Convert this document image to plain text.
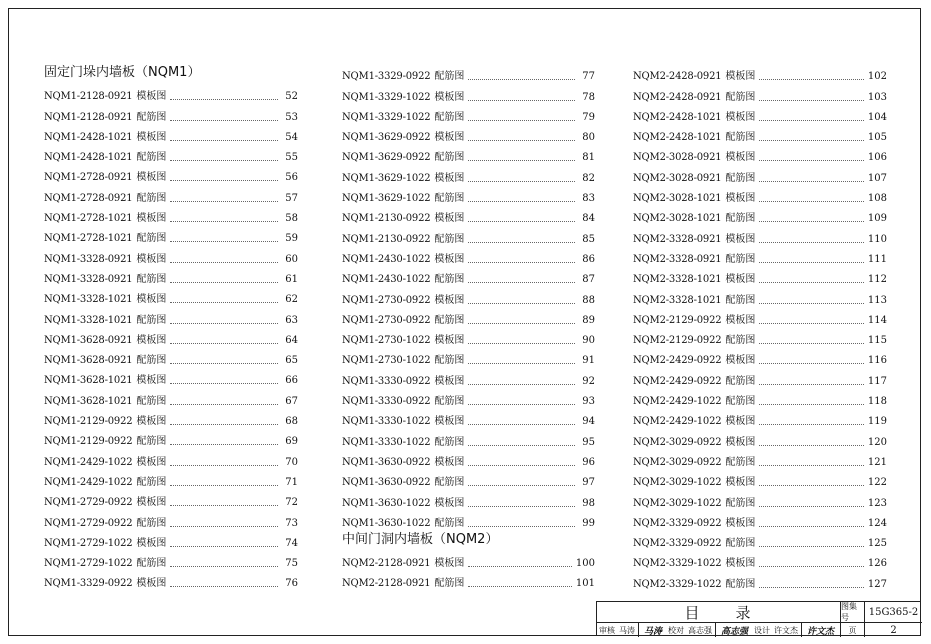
固定门垛内墙板（NQM1）
NQM1-2128-0921 模板图	52
NQM1-2128-0921 配筋图	53
NQM1-2428-1021 模板图	54
NQM1-2428-1021 配筋图	55
NQM1-2728-0921 模板图	56
NQM1-2728-0921 配筋图	57
NQM1-2728-1021 模板图	58
NQM1-2728-1021 配筋图	59
NQM1-3328-0921 模板图	60
NQM1-3328-0921 配筋图	61
NQM1-3328-1021 模板图	62
NQM1-3328-1021 配筋图	63
NQM1-3628-0921 模板图	64
NQM1-3628-0921 配筋图	65
NQM1-3628-1021 模板图	66
NQM1-3628-1021 配筋图	67
NQM1-2129-0922 模板图	68
NQM1-2129-0922 配筋图	69
NQM1-2429-1022 模板图	70
NQM1-2429-1022 配筋图	71
NQM1-2729-0922 模板图	72
NQM1-2729-0922 配筋图	73
NQM1-2729-1022 模板图	74
NQM1-2729-1022 配筋图	75
NQM1-3329-0922 模板图	76
NQM1-3329-0922 配筋图	77
NQM1-3329-1022 模板图	78
NQM1-3329-1022 配筋图	79
NQM1-3629-0922 模板图	80
NQM1-3629-0922 配筋图	81
NQM1-3629-1022 模板图	82
NQM1-3629-1022 配筋图	83
NQM1-2130-0922 模板图	84
NQM1-2130-0922 配筋图	85
NQM1-2430-1022 模板图	86
NQM1-2430-1022 配筋图	87
NQM1-2730-0922 模板图	88
NQM1-2730-0922 配筋图	89
NQM1-2730-1022 模板图	90
NQM1-2730-1022 配筋图	91
NQM1-3330-0922 模板图	92
NQM1-3330-0922 配筋图	93
NQM1-3330-1022 模板图	94
NQM1-3330-1022 配筋图	95
NQM1-3630-0922 模板图	96
NQM1-3630-0922 配筋图	97
NQM1-3630-1022 模板图	98
NQM1-3630-1022 配筋图	99
中间门洞内墙板（NQM2）
NQM2-2128-0921 模板图	100
NQM2-2128-0921 配筋图	101
NQM2-2428-0921 模板图	102
NQM2-2428-0921 配筋图	103
NQM2-2428-1021 模板图	104
NQM2-2428-1021 配筋图	105
NQM2-3028-0921 模板图	106
NQM2-3028-0921 配筋图	107
NQM2-3028-1021 模板图	108
NQM2-3028-1021 配筋图	109
NQM2-3328-0921 模板图	110
NQM2-3328-0921 配筋图	111
NQM2-3328-1021 模板图	112
NQM2-3328-1021 配筋图	113
NQM2-2129-0922 模板图	114
NQM2-2129-0922 配筋图	115
NQM2-2429-0922 模板图	116
NQM2-2429-0922 配筋图	117
NQM2-2429-1022 配筋图	118
NQM2-2429-1022 模板图	119
NQM2-3029-0922 模板图	120
NQM2-3029-0922 配筋图	121
NQM2-3029-1022 模板图	122
NQM2-3029-1022 配筋图	123
NQM2-3329-0922 模板图	124
NQM2-3329-0922 配筋图	125
NQM2-3329-1022 模板图	126
NQM2-3329-1022 配筋图	127
目 录
审核 马涛	马涛 校对 高志强	高志强 设计 许文杰	许文杰
图集号
页
15G365-2
2
